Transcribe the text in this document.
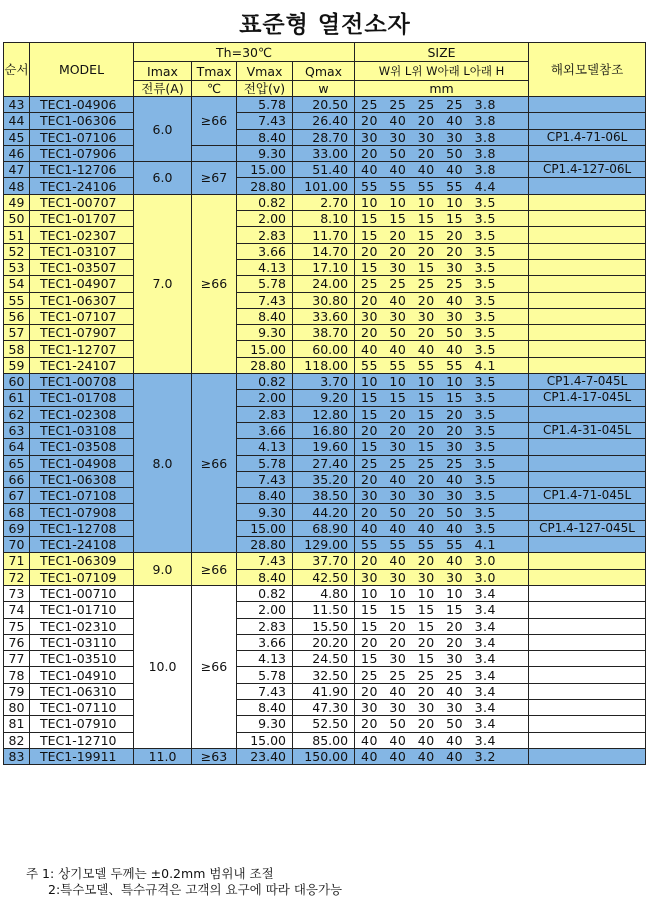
표준형 열전소자
순서	MODEL	Th=30℃				SIZE	해외모델참조
		Imax	Tmax	Vmax	Qmax	W위 L위 W아래 L아래 H	
		전류(A)	℃	전압(v)	w	mm	
43	TEC1-04906	6.0	≥66	5.78	20.50	25 25 25 25 3.8	
44	TEC1-06306			7.43	26.40	20 40 20 40 3.8	
45	TEC1-07106			8.40	28.70	30 30 30 30 3.8	CP1.4-71-06L
46	TEC1-07906			9.30	33.00	20 50 20 50 3.8	
47	TEC1-12706	6.0	≥67	15.00	51.40	40 40 40 40 3.8	CP1.4-127-06L
48	TEC1-24106			28.80	101.00	55 55 55 55 4.4	
49	TEC1-00707	7.0	≥66	0.82	2.70	10 10 10 10 3.5	
50	TEC1-01707			2.00	8.10	15 15 15 15 3.5	
51	TEC1-02307			2.83	11.70	15 20 15 20 3.5	
52	TEC1-03107			3.66	14.70	20 20 20 20 3.5	
53	TEC1-03507			4.13	17.10	15 30 15 30 3.5	
54	TEC1-04907			5.78	24.00	25 25 25 25 3.5	
55	TEC1-06307			7.43	30.80	20 40 20 40 3.5	
56	TEC1-07107			8.40	33.60	30 30 30 30 3.5	
57	TEC1-07907			9.30	38.70	20 50 20 50 3.5	
58	TEC1-12707			15.00	60.00	40 40 40 40 3.5	
59	TEC1-24107			28.80	118.00	55 55 55 55 4.1	
60	TEC1-00708	8.0	≥66	0.82	3.70	10 10 10 10 3.5	CP1.4-7-045L
61	TEC1-01708			2.00	9.20	15 15 15 15 3.5	CP1.4-17-045L
62	TEC1-02308			2.83	12.80	15 20 15 20 3.5	
63	TEC1-03108			3.66	16.80	20 20 20 20 3.5	CP1.4-31-045L
64	TEC1-03508			4.13	19.60	15 30 15 30 3.5	
65	TEC1-04908			5.78	27.40	25 25 25 25 3.5	
66	TEC1-06308			7.43	35.20	20 40 20 40 3.5	
67	TEC1-07108			8.40	38.50	30 30 30 30 3.5	CP1.4-71-045L
68	TEC1-07908			9.30	44.20	20 50 20 50 3.5	
69	TEC1-12708			15.00	68.90	40 40 40 40 3.5	CP1.4-127-045L
70	TEC1-24108			28.80	129.00	55 55 55 55 4.1	
71	TEC1-06309	9.0	≥66	7.43	37.70	20 40 20 40 3.0	
72	TEC1-07109			8.40	42.50	30 30 30 30 3.0	
73	TEC1-00710	10.0	≥66	0.82	4.80	10 10 10 10 3.4	
74	TEC1-01710			2.00	11.50	15 15 15 15 3.4	
75	TEC1-02310			2.83	15.50	15 20 15 20 3.4	
76	TEC1-03110			3.66	20.20	20 20 20 20 3.4	
77	TEC1-03510			4.13	24.50	15 30 15 30 3.4	
78	TEC1-04910			5.78	32.50	25 25 25 25 3.4	
79	TEC1-06310			7.43	41.90	20 40 20 40 3.4	
80	TEC1-07110			8.40	47.30	30 30 30 30 3.4	
81	TEC1-07910			9.30	52.50	20 50 20 50 3.4	
82	TEC1-12710			15.00	85.00	40 40 40 40 3.4	
83	TEC1-19911	11.0	≥63	23.40	150.00	40 40 40 40 3.2	
주 1: 상기모델 두께는 ±0.2mm 범위내 조절
2:특수모델、특수규격은 고객의 요구에 따라 대응가능
